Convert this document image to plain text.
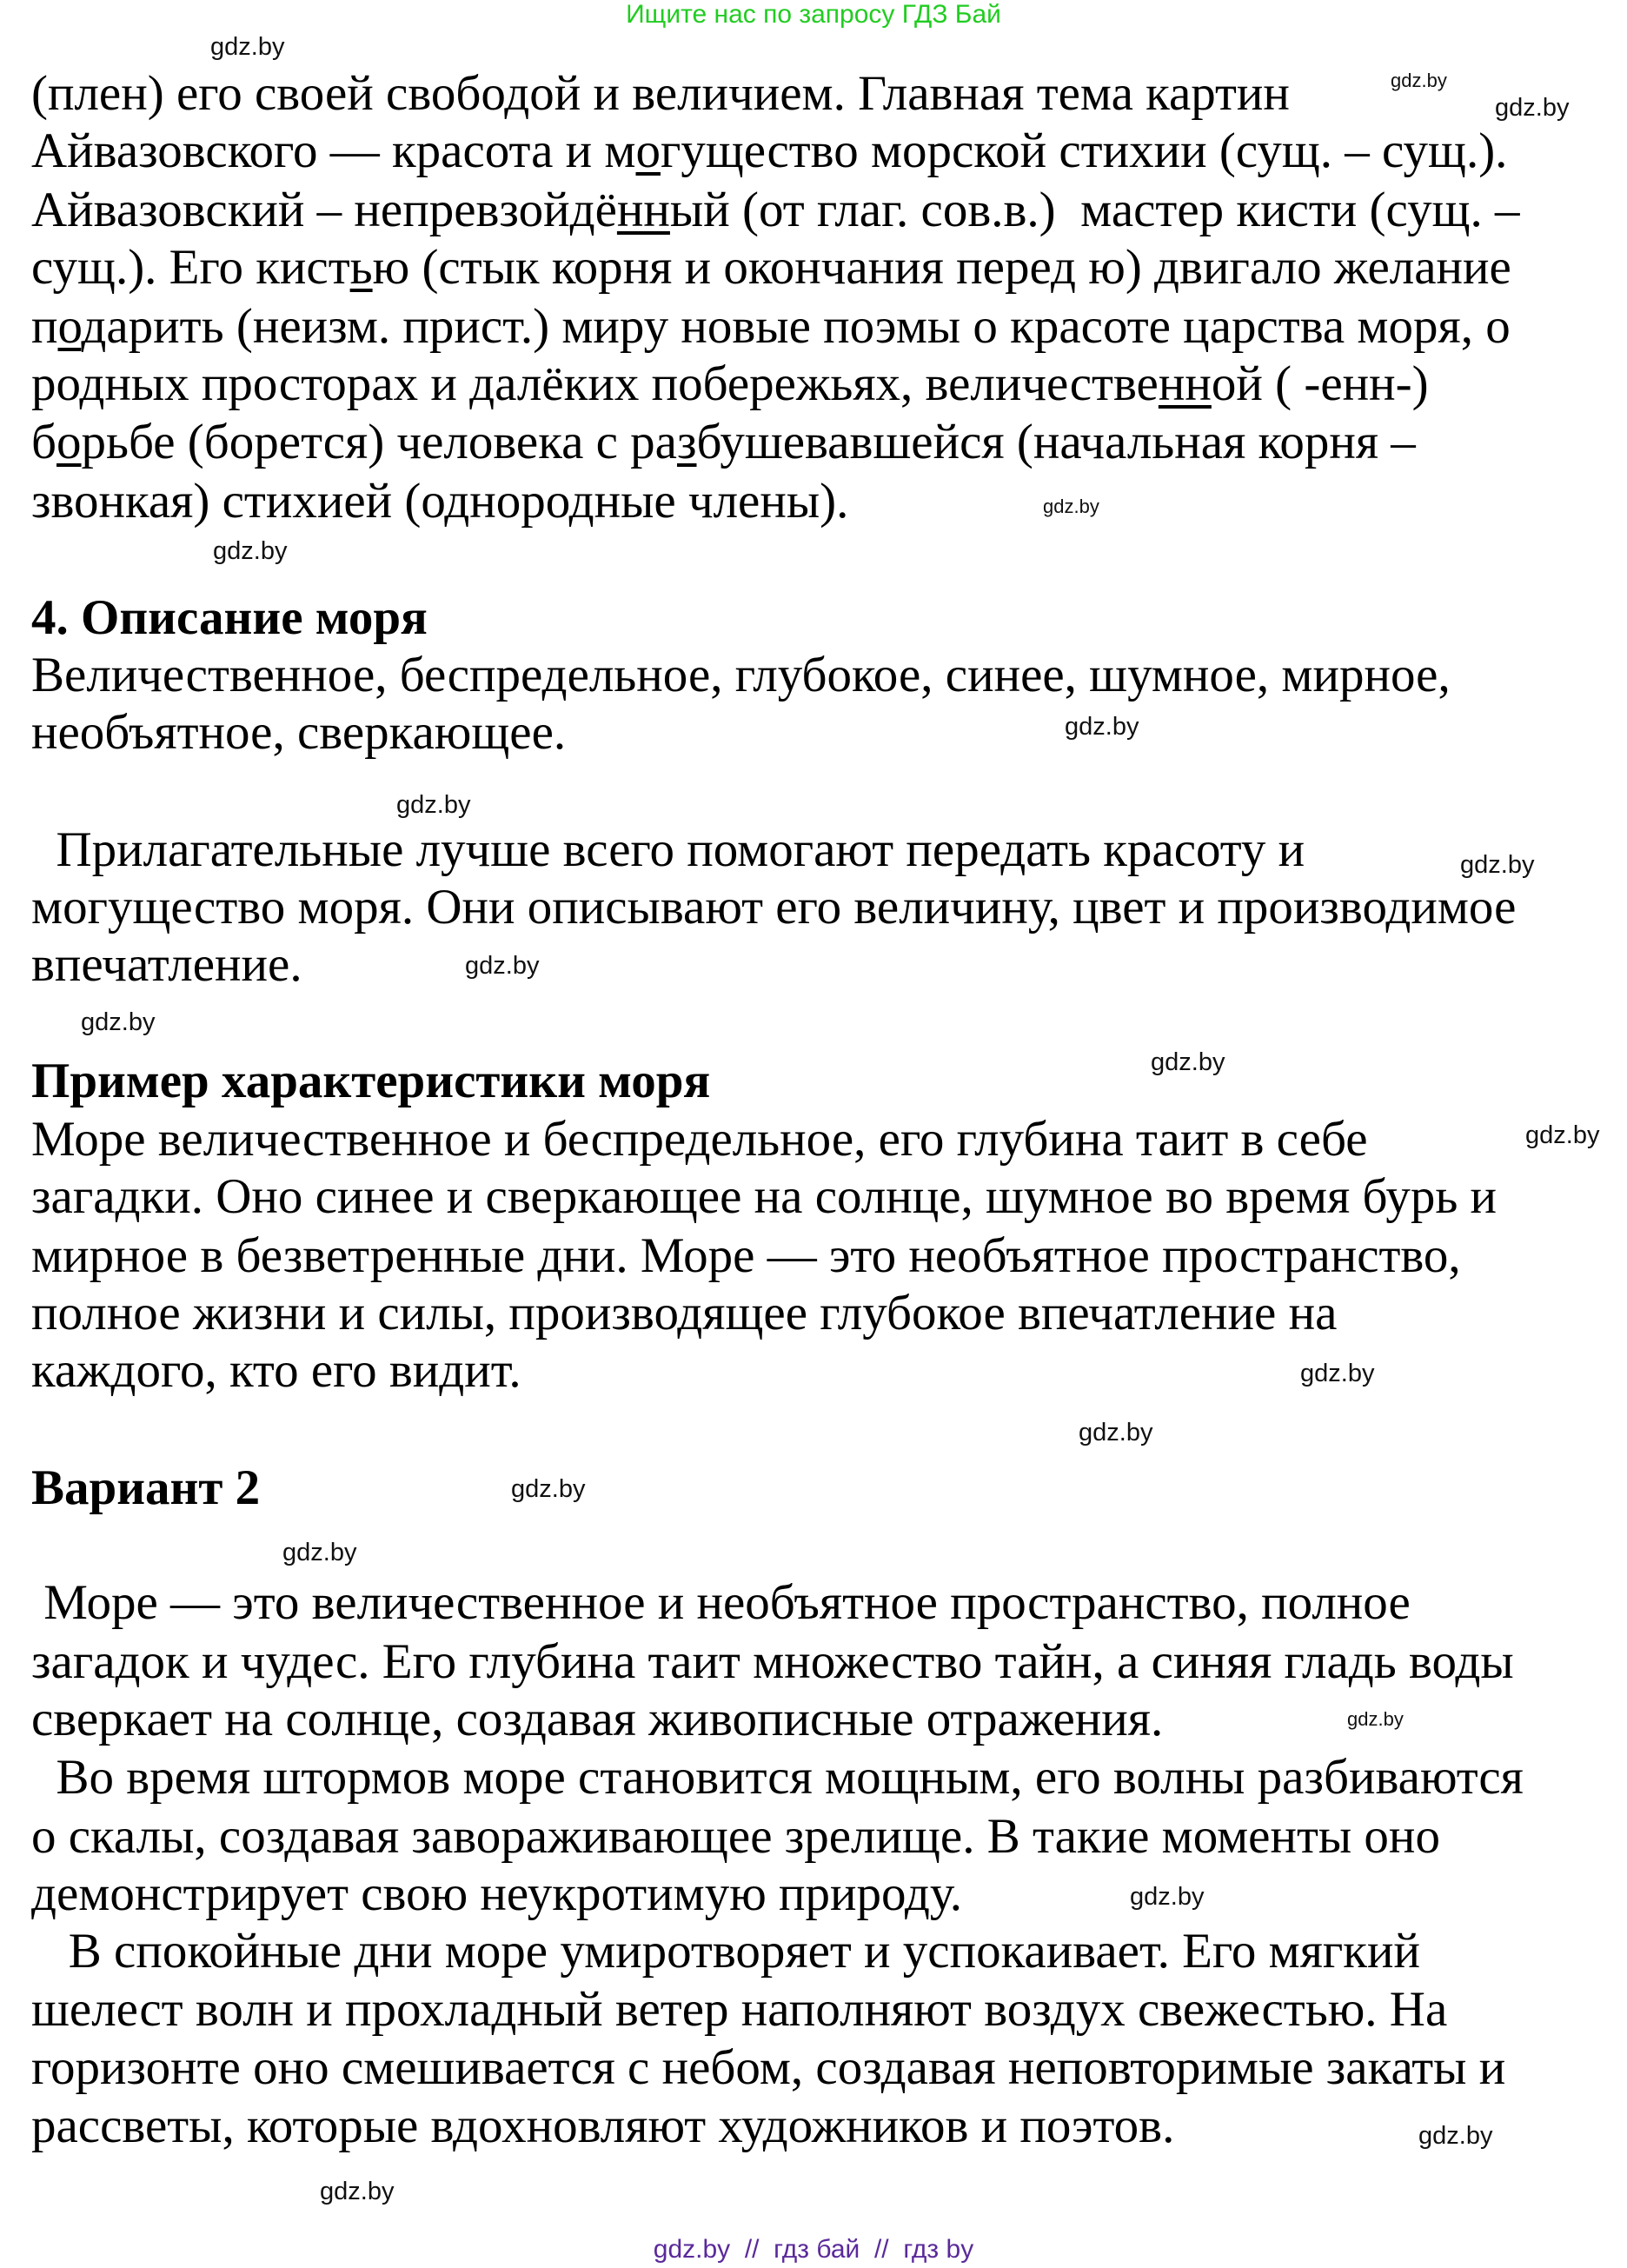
Ищите нас по запросу ГДЗ Бай
(плен) его своей свободой и величием. Главная тема картин
Айвазовского — красота и могущество морской стихии (сущ. – сущ.).
Айвазовский – непревзойдённый (от глаг. сов.в.)  мастер кисти (сущ. –
сущ.). Его кистью (стык корня и окончания перед ю) двигало желание
подарить (неизм. прист.) миру новые поэмы о красоте царства моря, о
родных просторах и далёких побережьях, величественной ( -енн-)
борьбе (борется) человека с разбушевавшейся (начальная корня –
звонкая) стихией (однородные члены).
4. Описание моря
Величественное, беспредельное, глубокое, синее, шумное, мирное,
необъятное, сверкающее.
Прилагательные лучше всего помогают передать красоту и
могущество моря. Они описывают его величину, цвет и производимое
впечатление.
Пример характеристики моря
Море величественное и беспредельное, его глубина таит в себе
загадки. Оно синее и сверкающее на солнце, шумное во время бурь и
мирное в безветренные дни. Море — это необъятное пространство,
полное жизни и силы, производящее глубокое впечатление на
каждого, кто его видит.
Вариант 2
Море — это величественное и необъятное пространство, полное
загадок и чудес. Его глубина таит множество тайн, а синяя гладь воды
сверкает на солнце, создавая живописные отражения.
Во время штормов море становится мощным, его волны разбиваются
о скалы, создавая завораживающее зрелище. В такие моменты оно
демонстрирует свою неукротимую природу.
В спокойные дни море умиротворяет и успокаивает. Его мягкий
шелест волн и прохладный ветер наполняют воздух свежестью. На
горизонте оно смешивается с небом, создавая неповторимые закаты и
рассветы, которые вдохновляют художников и поэтов.
gdz.by
gdz.by
gdz.by
gdz.by
gdz.by
gdz.by
gdz.by
gdz.by
gdz.by
gdz.by
gdz.by
gdz.by
gdz.by
gdz.by
gdz.by
gdz.by
gdz.by
gdz.by
gdz.by
gdz.by
gdz.by  //  гдз бай  //  гдз by
